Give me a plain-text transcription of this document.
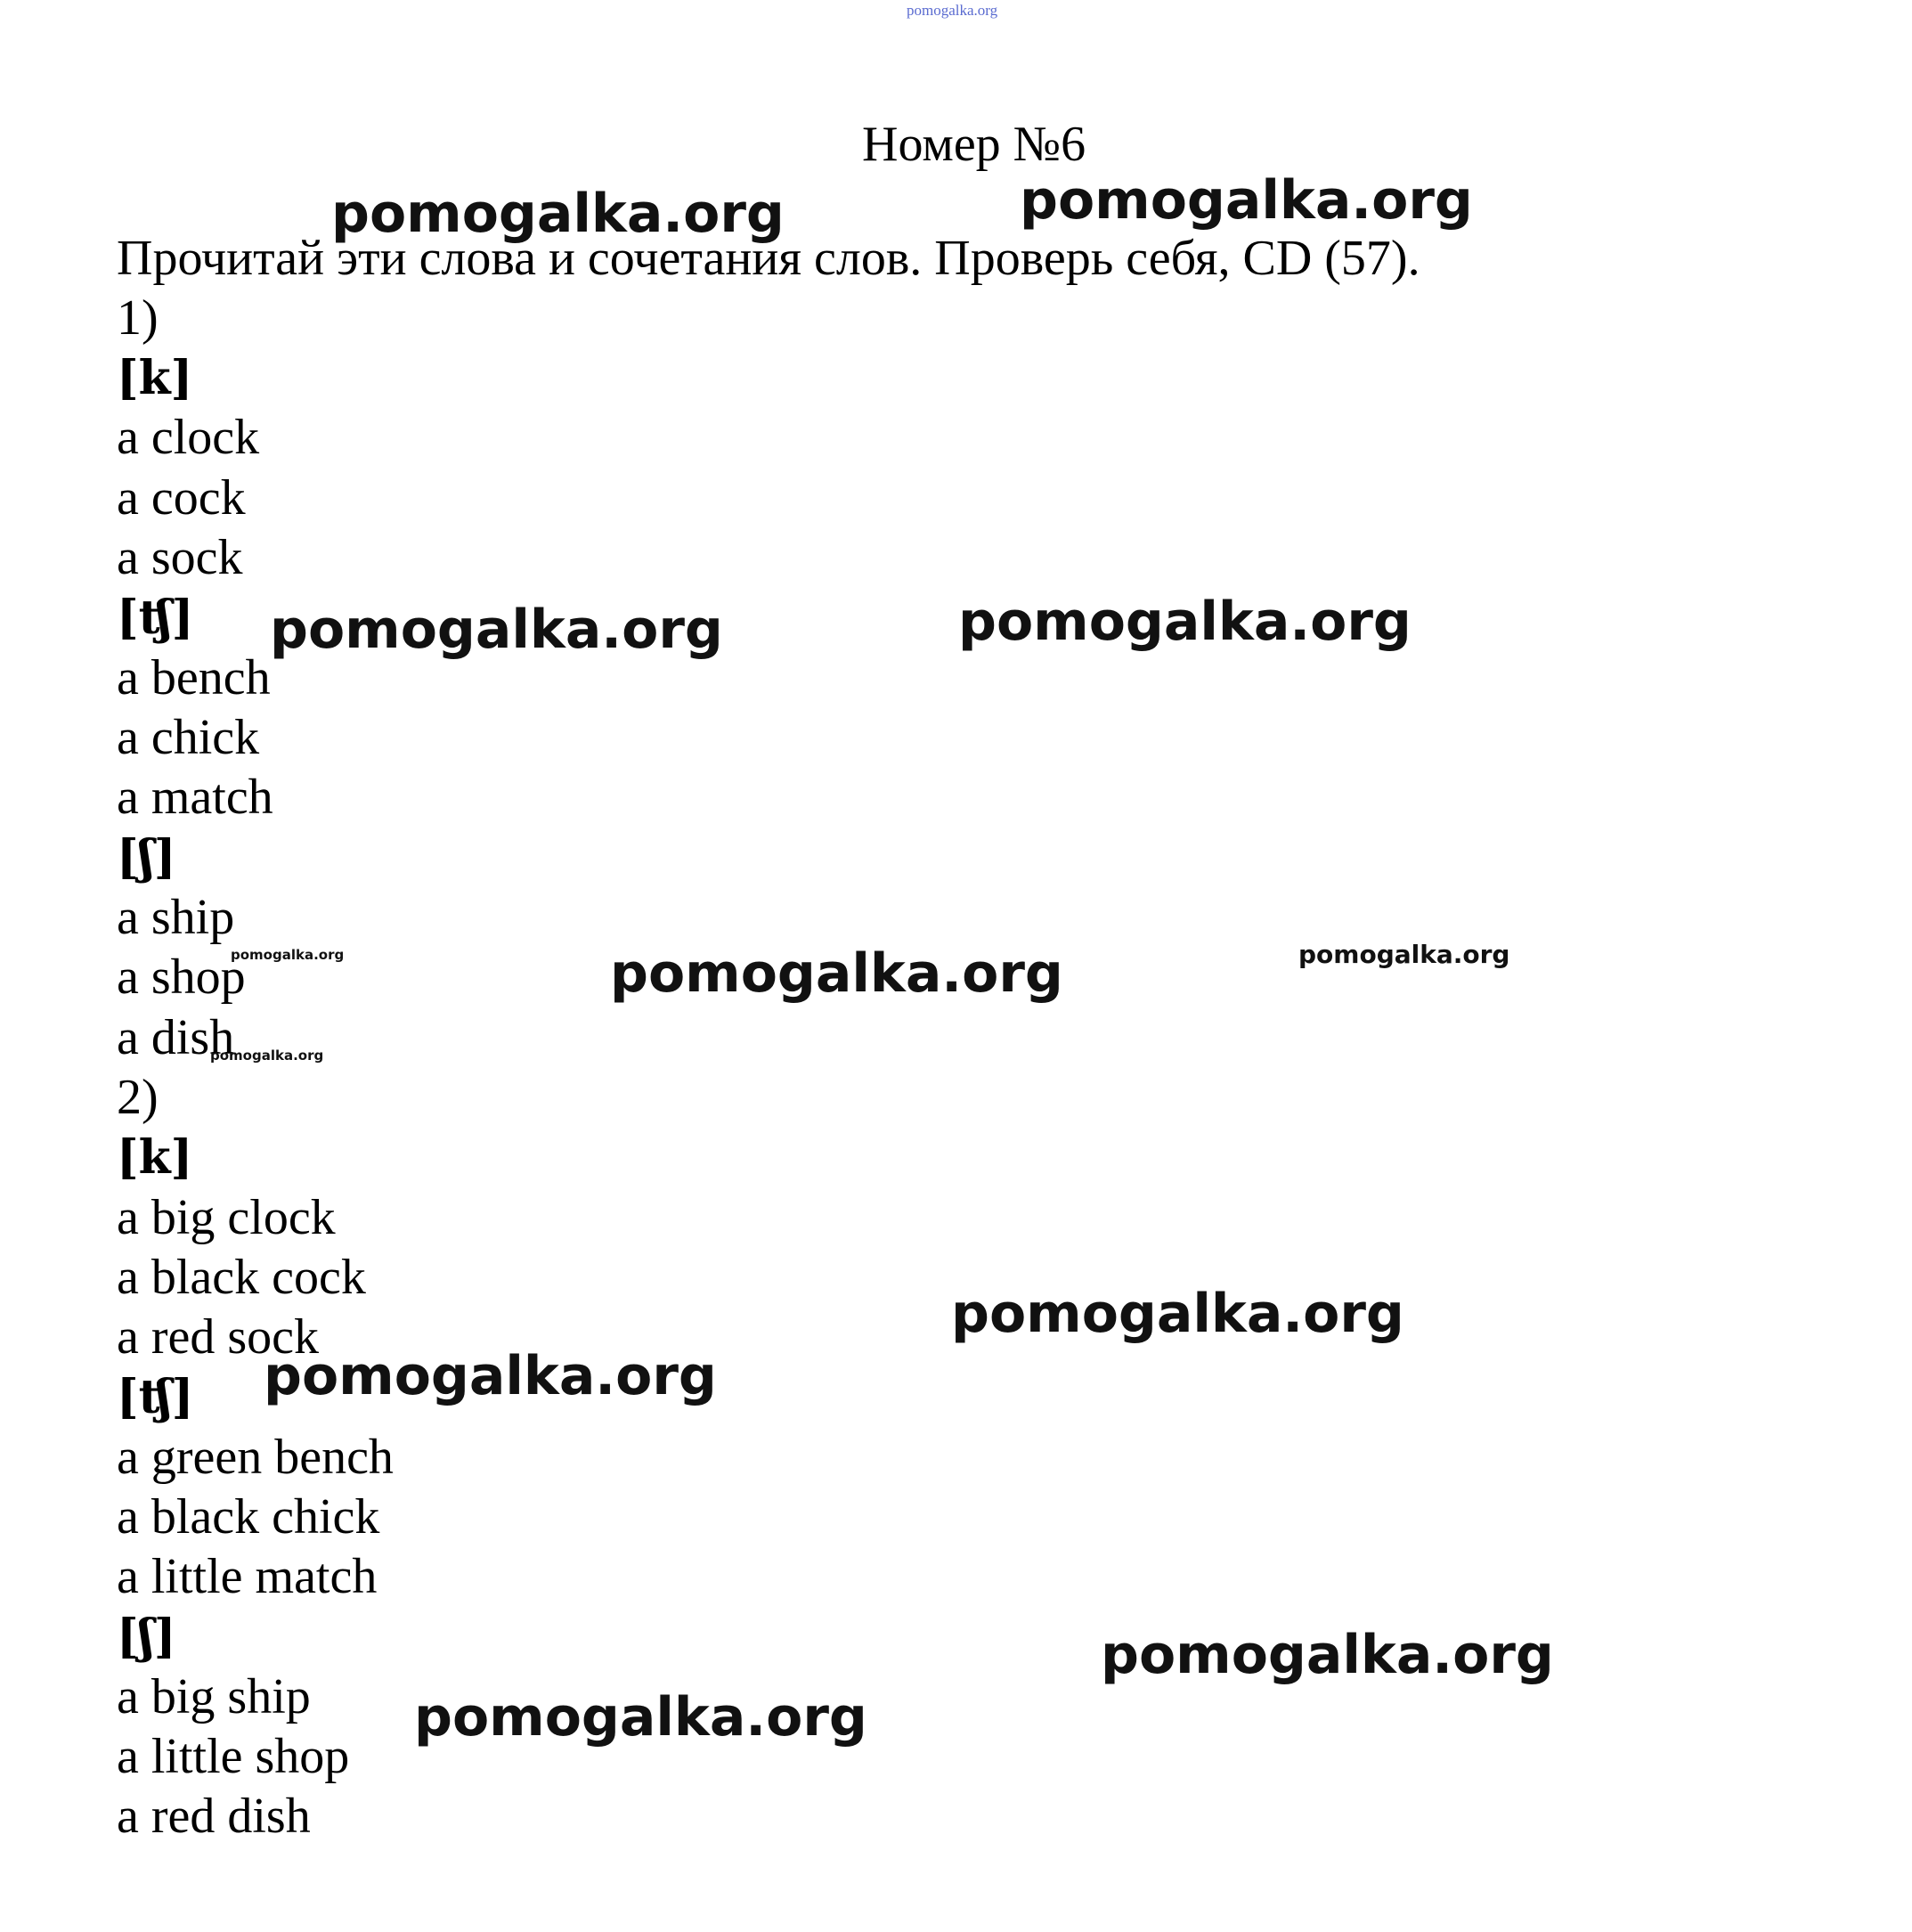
pomogalka.org
Номер №6
Прочитай эти слова и сочетания слов. Проверь себя, CD (57).
1)
[k]
a clock
a cock
a sock
[ʧ]
a bench
a chick
a match
[ʃ]
a ship
a shop
a dish
2)
[k]
a big clock
a black cock
a red sock
[ʧ]
a green bench
a black chick
a little match
[ʃ]
a big ship
a little shop
a red dish
pomogalka.org	pomogalka.org
pomogalka.org	pomogalka.org
pomogalka.org	pomogalka.org	pomogalka.org
pomogalka.org
pomogalka.org
pomogalka.org
pomogalka.org
pomogalka.org
